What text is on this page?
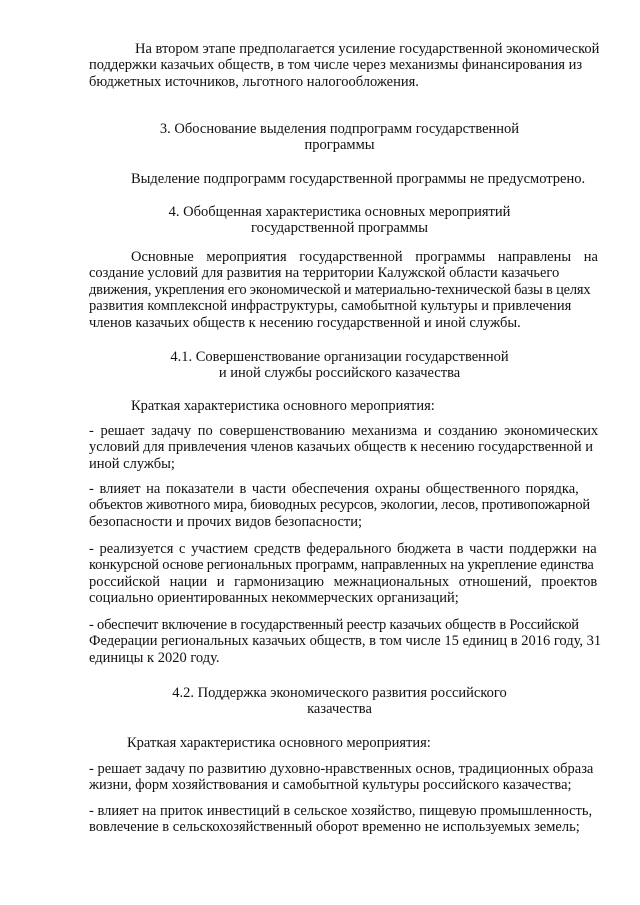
На втором этапе предполагается усиление государственной экономической
поддержки казачьих обществ, в том числе через механизмы финансирования из
бюджетных источников, льготного налогообложения.
3. Обоснование выделения подпрограмм государственной
программы
Выделение подпрограмм государственной программы не предусмотрено.
4. Обобщенная характеристика основных мероприятий
государственной программы
Основные мероприятия государственной программы направлены на
создание условий для развития на территории Калужской области казачьего
движения, укрепления его экономической и материально-технической базы в целях
развития комплексной инфраструктуры, самобытной культуры и привлечения
членов казачьих обществ к несению государственной и иной службы.
4.1. Совершенствование организации государственной
и иной службы российского казачества
Краткая характеристика основного мероприятия:
- решает задачу по совершенствованию механизма и созданию экономических
условий для привлечения членов казачьих обществ к несению государственной и
иной службы;
- влияет на показатели в части обеспечения охраны общественного порядка,
объектов животного мира, биоводных ресурсов, экологии, лесов, противопожарной
безопасности и прочих видов безопасности;
- реализуется с участием средств федерального бюджета в части поддержки на
конкурсной основе региональных программ, направленных на укрепление единства
российской нации и гармонизацию межнациональных отношений, проектов
социально ориентированных некоммерческих организаций;
- обеспечит включение в государственный реестр казачьих обществ в Российской
Федерации региональных казачьих обществ, в том числе 15 единиц в 2016 году, 31
единицы к 2020 году.
4.2. Поддержка экономического развития российского
казачества
Краткая характеристика основного мероприятия:
- решает задачу по развитию духовно-нравственных основ, традиционных образа
жизни, форм хозяйствования и самобытной культуры российского казачества;
- влияет на приток инвестиций в сельское хозяйство, пищевую промышленность,
вовлечение в сельскохозяйственный оборот временно не используемых земель;
